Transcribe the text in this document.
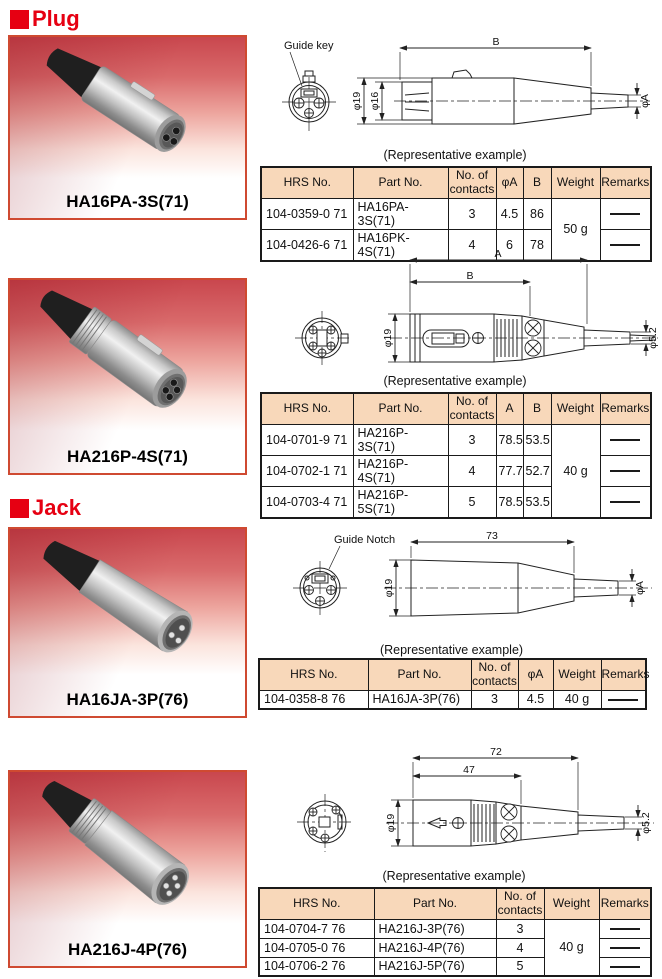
Plug
HA16PA-3S(71)
Guide key	B
φ19 φ16	φA
(Representative example)
HRS No.	Part No.	No. of contacts	φA	B	Weight	Remarks
104-0359-0 71	HA16PA-3S(71)	3	4.5	86	50 g	
104-0426-6 71	HA16PK-4S(71)	4	6	78	
HA216P-4S(71)
A
B
φ19	φ5.2
(Representative example)
HRS No.	Part No.	No. of contacts	A	B	Weight	Remarks
104-0701-9 71	HA216P-3S(71)	3	78.5	53.5	40 g	
104-0702-1 71	HA216P-4S(71)	4	77.7	52.7	
104-0703-4 71	HA216P-5S(71)	5	78.5	53.5	
Jack
HA16JA-3P(76)
Guide Notch	73
φ19	φA
(Representative example)
HRS No.	Part No.	No. of contacts	φA	Weight	Remarks
104-0358-8 76	HA16JA-3P(76)	3	4.5	40 g	
HA216J-4P(76)
72
47
φ19	φ5.2
(Representative example)
HRS No.	Part No.	No. of contacts	Weight	Remarks
104-0704-7 76	HA216J-3P(76)	3	40 g	
104-0705-0 76	HA216J-4P(76)	4	
104-0706-2 76	HA216J-5P(76)	5	
